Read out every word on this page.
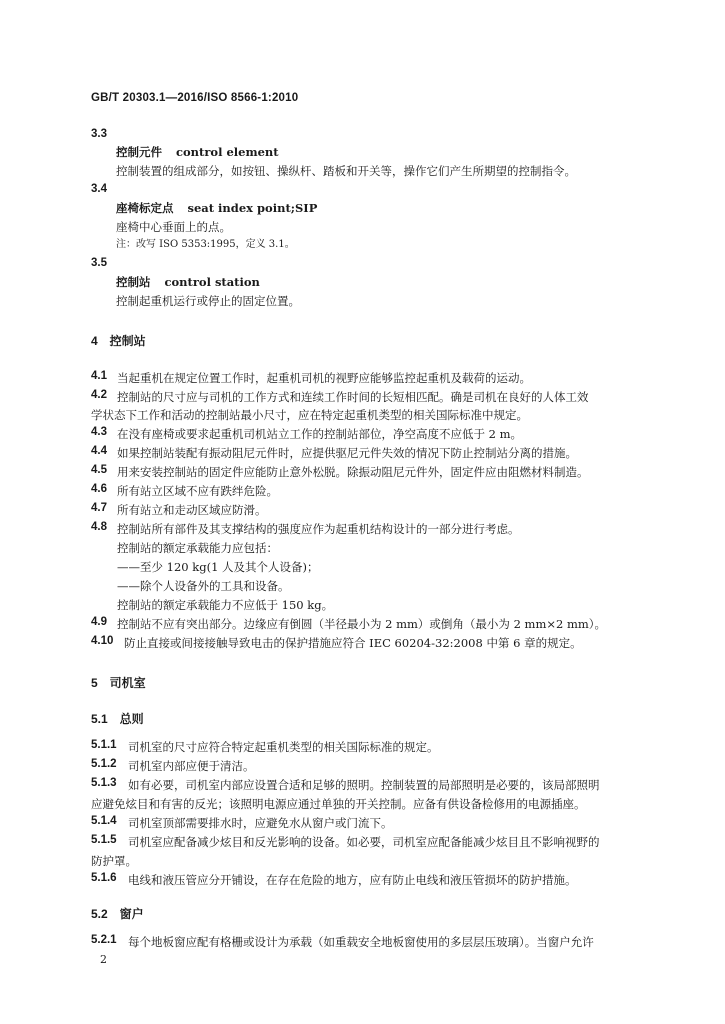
GB/T 20303.1—2016/ISO 8566-1:2010
3.3
控制元件 control element
控制装置的组成部分，如按钮、操纵杆、踏板和开关等，操作它们产生所期望的控制指令。
3.4
座椅标定点 seat index point;SIP
座椅中心垂面上的点。
注：改写 ISO 5353:1995，定义 3.1。
3.5
控制站 control station
控制起重机运行或停止的固定位置。
4　控制站
4.1 当起重机在规定位置工作时，起重机司机的视野应能够监控起重机及载荷的运动。
4.2 控制站的尺寸应与司机的工作方式和连续工作时间的长短相匹配。确是司机在良好的人体工效
学状态下工作和活动的控制站最小尺寸，应在特定起重机类型的相关国际标准中规定。
4.3 在没有座椅或要求起重机司机站立工作的控制站部位，净空高度不应低于 2 m。
4.4 如果控制站装配有振动阻尼元件时，应提供驱尼元件失效的情况下防止控制站分离的措施。
4.5 用来安装控制站的固定件应能防止意外松脱。除振动阻尼元件外，固定件应由阻燃材料制造。
4.6 所有站立区域不应有跌绊危险。
4.7 所有站立和走动区域应防滑。
4.8 控制站所有部件及其支撑结构的强度应作为起重机结构设计的一部分进行考虑。
控制站的额定承载能力应包括：
——至少 120 kg(1 人及其个人设备)；
——除个人设备外的工具和设备。
控制站的额定承载能力不应低于 150 kg。
4.9 控制站不应有突出部分。边缘应有倒圆（半径最小为 2 mm）或倒角（最小为 2 mm×2 mm）。
4.10 防止直接或间接接触导致电击的保护措施应符合 IEC 60204-32:2008 中第 6 章的规定。
5　司机室
5.1　总则
5.1.1 司机室的尺寸应符合特定起重机类型的相关国际标准的规定。
5.1.2 司机室内部应便于清洁。
5.1.3 如有必要，司机室内部应设置合适和足够的照明。控制装置的局部照明是必要的，该局部照明
应避免炫目和有害的反光；该照明电源应通过单独的开关控制。应备有供设备检修用的电源插座。
5.1.4 司机室顶部需要排水时，应避免水从窗户或门流下。
5.1.5 司机室应配备减少炫目和反光影响的设备。如必要，司机室应配备能减少炫目且不影响视野的
防护罩。
5.1.6 电线和液压管应分开铺设，在存在危险的地方，应有防止电线和液压管损坏的防护措施。
5.2　窗户
5.2.1 每个地板窗应配有格栅或设计为承载（如重载安全地板窗使用的多层层压玻璃）。当窗户允许
2
